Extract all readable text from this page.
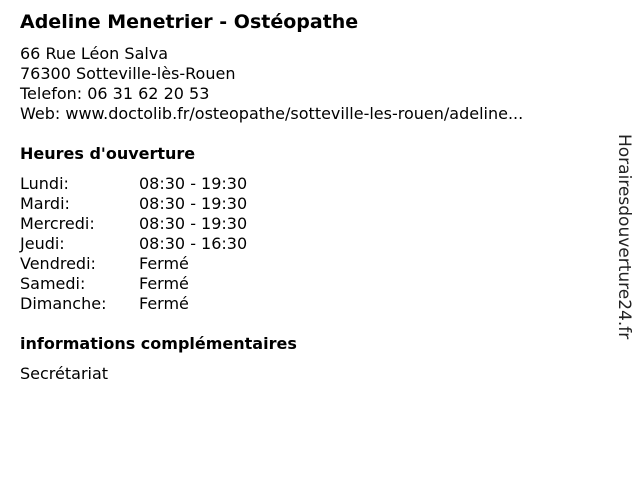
Adeline Menetrier - Ostéopathe
66 Rue Léon Salva
76300 Sotteville-lès-Rouen
Telefon: 06 31 62 20 53
Web: www.doctolib.fr/osteopathe/sotteville-les-rouen/adeline...
Heures d'ouverture
Lundi:	08:30 - 19:30
Mardi:	08:30 - 19:30
Mercredi:	08:30 - 19:30
Jeudi:	08:30 - 16:30
Vendredi:	Fermé
Samedi:	Fermé
Dimanche: Fermé
informations complémentaires
Secrétariat
Horairesdouverture24.fr
